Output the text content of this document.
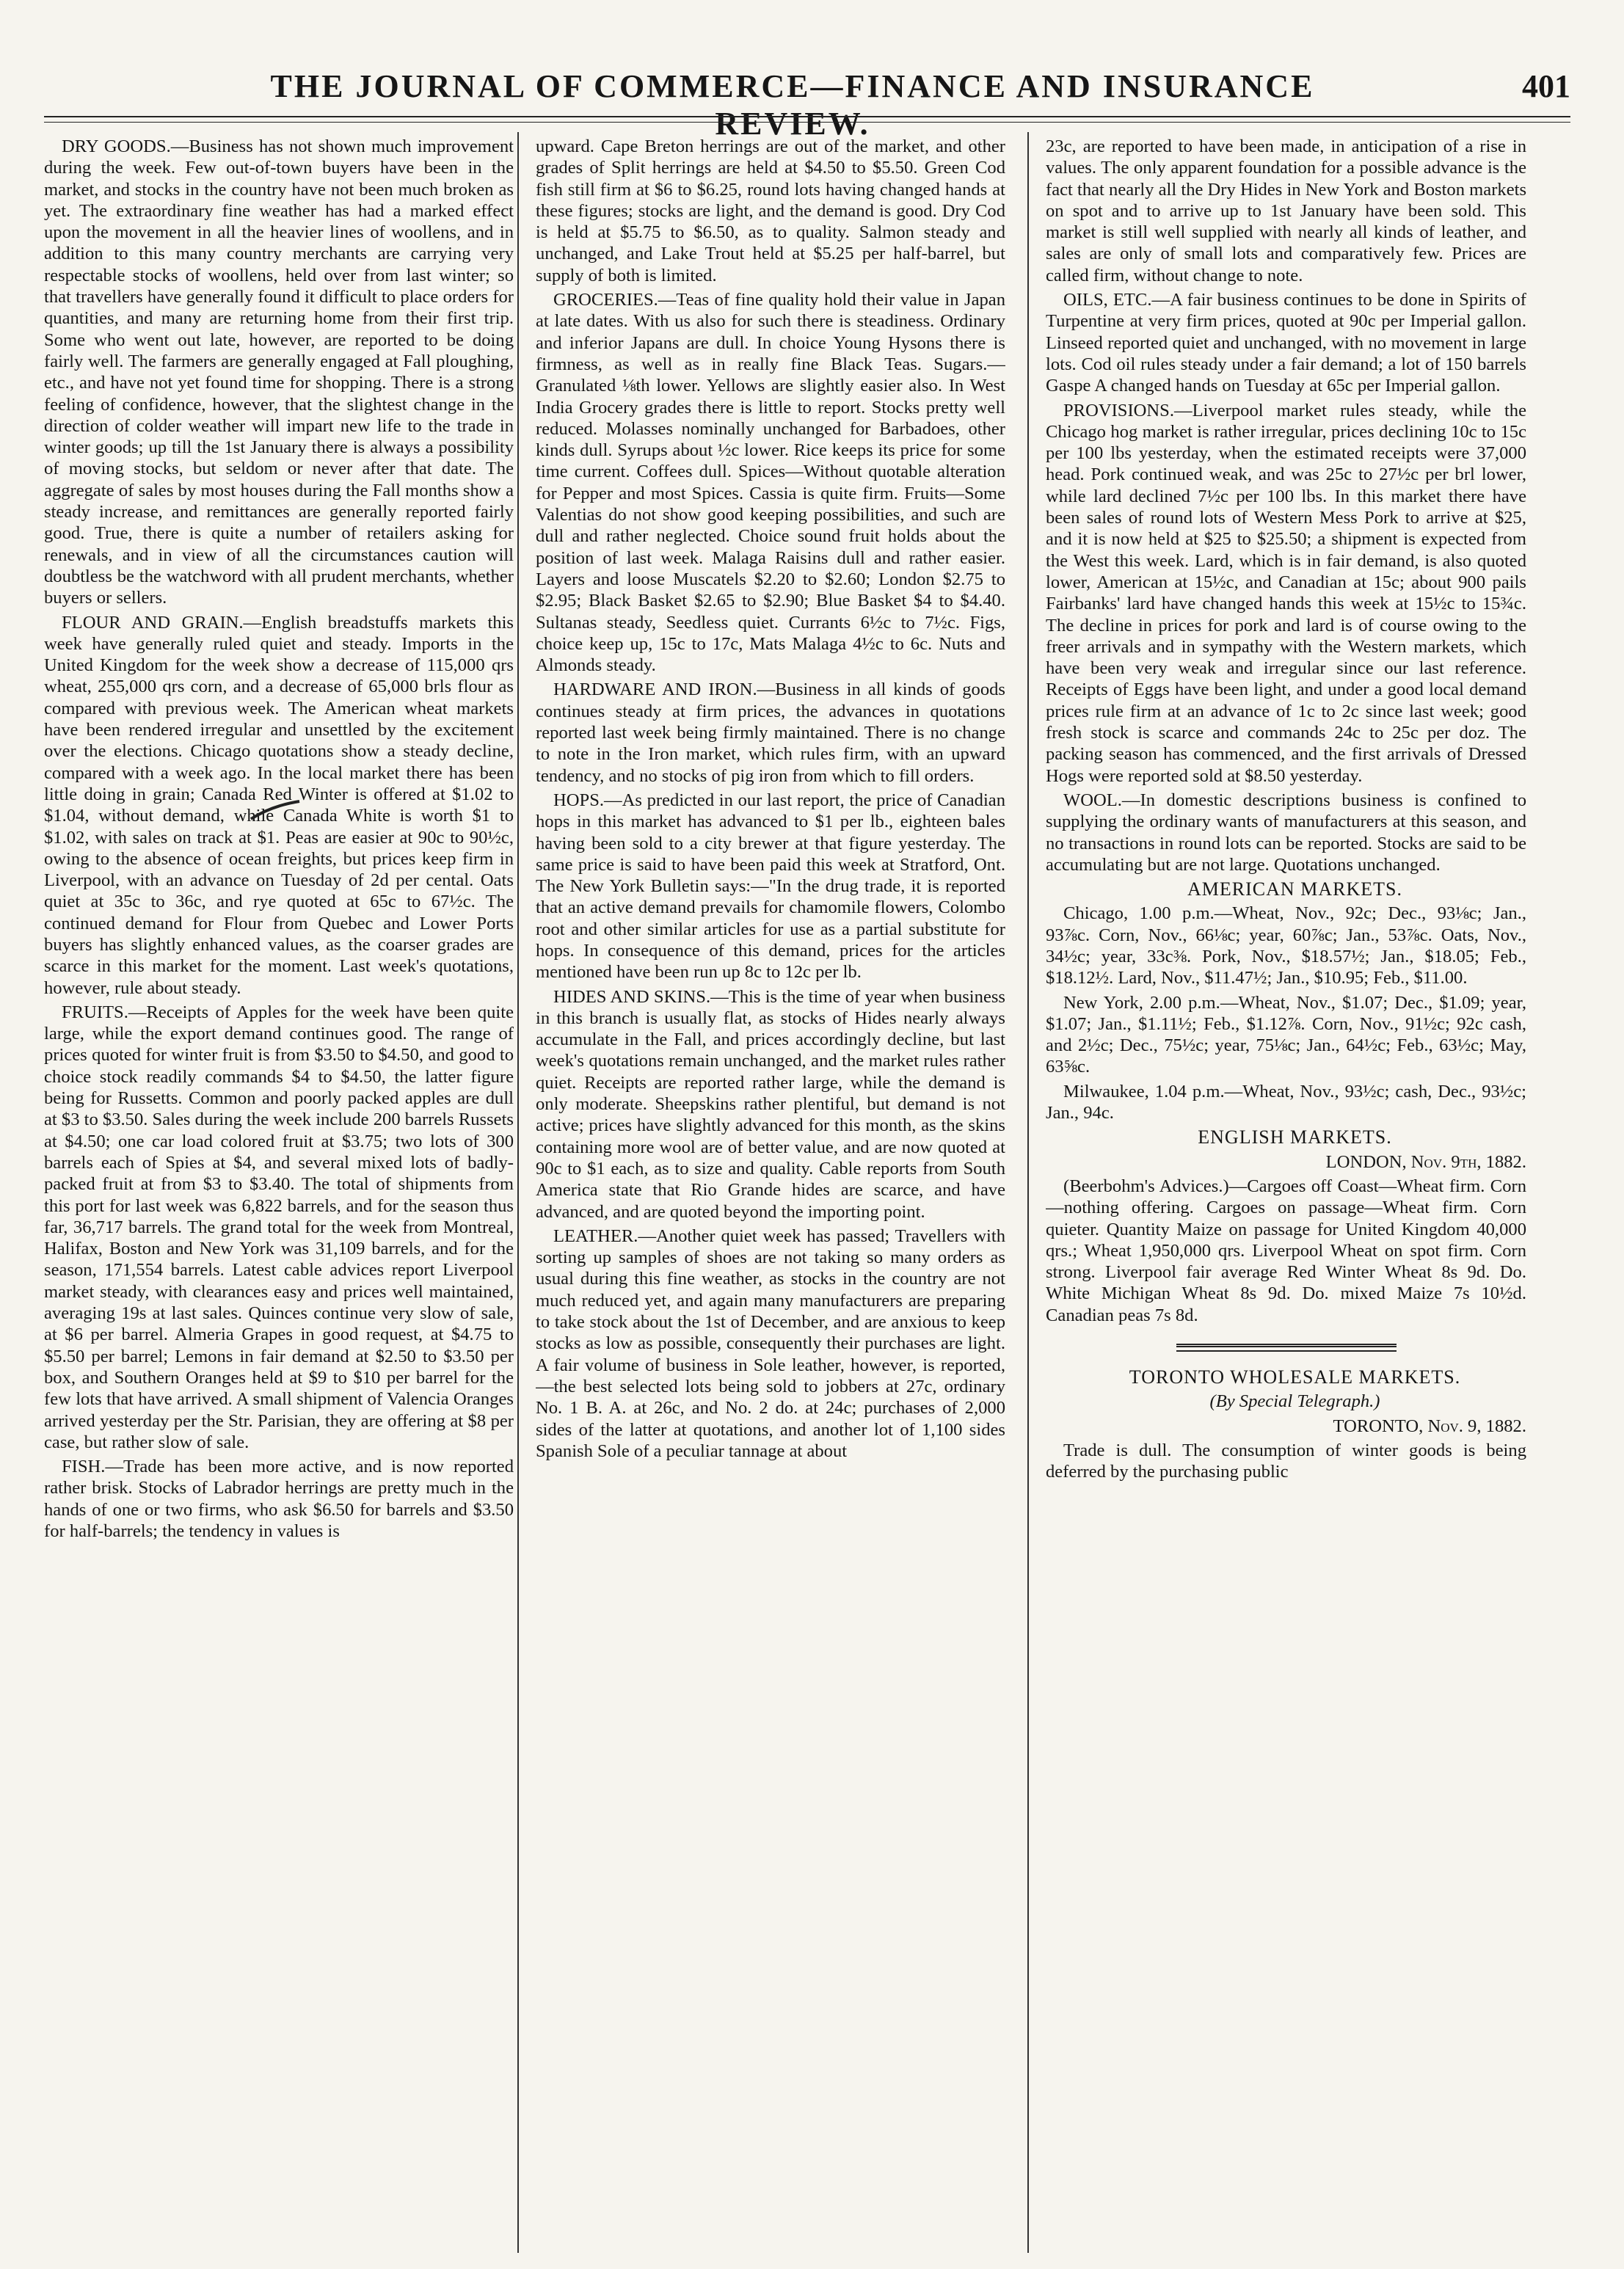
THE JOURNAL OF COMMERCE—FINANCE AND INSURANCE REVIEW.
401

DRY GOODS.—Business has not shown much improvement during the week. Few out-of-town buyers have been in the market, and stocks in the country have not been much broken as yet. The extraordinary fine weather has had a marked effect upon the movement in all the heavier lines of woollens, and in addition to this many country merchants are carrying very respectable stocks of woollens, held over from last winter; so that travellers have generally found it difficult to place orders for quantities, and many are returning home from their first trip. Some who went out late, however, are reported to be doing fairly well. The farmers are generally engaged at Fall ploughing, etc., and have not yet found time for shopping. There is a strong feeling of confidence, however, that the slightest change in the direction of colder weather will impart new life to the trade in winter goods; up till the 1st January there is always a possibility of moving stocks, but seldom or never after that date. The aggregate of sales by most houses during the Fall months show a steady increase, and remittances are generally reported fairly good. True, there is quite a number of retailers asking for renewals, and in view of all the circumstances caution will doubtless be the watchword with all prudent merchants, whether buyers or sellers.

FLOUR AND GRAIN.—English breadstuffs markets this week have generally ruled quiet and steady. Imports in the United Kingdom for the week show a decrease of 115,000 qrs wheat, 255,000 qrs corn, and a decrease of 65,000 brls flour as compared with previous week. The American wheat markets have been rendered irregular and unsettled by the excitement over the elections. Chicago quotations show a steady decline, compared with a week ago. In the local market there has been little doing in grain; Canada Red Winter is offered at $1.02 to $1.04, without demand, while Canada White is worth $1 to $1.02, with sales on track at $1. Peas are easier at 90c to 90½c, owing to the absence of ocean freights, but prices keep firm in Liverpool, with an advance on Tuesday of 2d per cental. Oats quiet at 35c to 36c, and rye quoted at 65c to 67½c. The continued demand for Flour from Quebec and Lower Ports buyers has slightly enhanced values, as the coarser grades are scarce in this market for the moment. Last week's quotations, however, rule about steady.

FRUITS.—Receipts of Apples for the week have been quite large, while the export demand continues good. The range of prices quoted for winter fruit is from $3.50 to $4.50, and good to choice stock readily commands $4 to $4.50, the latter figure being for Russetts. Common and poorly packed apples are dull at $3 to $3.50. Sales during the week include 200 barrels Russets at $4.50; one car load colored fruit at $3.75; two lots of 300 barrels each of Spies at $4, and several mixed lots of badly-packed fruit at from $3 to $3.40. The total of shipments from this port for last week was 6,822 barrels, and for the season thus far, 36,717 barrels. The grand total for the week from Montreal, Halifax, Boston and New York was 31,109 barrels, and for the season, 171,554 barrels. Latest cable advices report Liverpool market steady, with clearances easy and prices well maintained, averaging 19s at last sales. Quinces continue very slow of sale, at $6 per barrel. Almeria Grapes in good request, at $4.75 to $5.50 per barrel; Lemons in fair demand at $2.50 to $3.50 per box, and Southern Oranges held at $9 to $10 per barrel for the few lots that have arrived. A small shipment of Valencia Oranges arrived yesterday per the Str. Parisian, they are offering at $8 per case, but rather slow of sale.

FISH.—Trade has been more active, and is now reported rather brisk. Stocks of Labrador herrings are pretty much in the hands of one or two firms, who ask $6.50 for barrels and $3.50 for half-barrels; the tendency in values is

upward. Cape Breton herrings are out of the market, and other grades of Split herrings are held at $4.50 to $5.50. Green Cod fish still firm at $6 to $6.25, round lots having changed hands at these figures; stocks are light, and the demand is good. Dry Cod is held at $5.75 to $6.50, as to quality. Salmon steady and unchanged, and Lake Trout held at $5.25 per half-barrel, but supply of both is limited.

GROCERIES.—Teas of fine quality hold their value in Japan at late dates. With us also for such there is steadiness. Ordinary and inferior Japans are dull. In choice Young Hysons there is firmness, as well as in really fine Black Teas. Sugars.—Granulated ⅛th lower. Yellows are slightly easier also. In West India Grocery grades there is little to report. Stocks pretty well reduced. Molasses nominally unchanged for Barbadoes, other kinds dull. Syrups about ½c lower. Rice keeps its price for some time current. Coffees dull. Spices—Without quotable alteration for Pepper and most Spices. Cassia is quite firm. Fruits—Some Valentias do not show good keeping possibilities, and such are dull and rather neglected. Choice sound fruit holds about the position of last week. Malaga Raisins dull and rather easier. Layers and loose Muscatels $2.20 to $2.60; London $2.75 to $2.95; Black Basket $2.65 to $2.90; Blue Basket $4 to $4.40. Sultanas steady, Seedless quiet. Currants 6½c to 7½c. Figs, choice keep up, 15c to 17c, Mats Malaga 4½c to 6c. Nuts and Almonds steady.

HARDWARE AND IRON.—Business in all kinds of goods continues steady at firm prices, the advances in quotations reported last week being firmly maintained. There is no change to note in the Iron market, which rules firm, with an upward tendency, and no stocks of pig iron from which to fill orders.

HOPS.—As predicted in our last report, the price of Canadian hops in this market has advanced to $1 per lb., eighteen bales having been sold to a city brewer at that figure yesterday. The same price is said to have been paid this week at Stratford, Ont. The New York Bulletin says:—"In the drug trade, it is reported that an active demand prevails for chamomile flowers, Colombo root and other similar articles for use as a partial substitute for hops. In consequence of this demand, prices for the articles mentioned have been run up 8c to 12c per lb.

HIDES AND SKINS.—This is the time of year when business in this branch is usually flat, as stocks of Hides nearly always accumulate in the Fall, and prices accordingly decline, but last week's quotations remain unchanged, and the market rules rather quiet. Receipts are reported rather large, while the demand is only moderate. Sheepskins rather plentiful, but demand is not active; prices have slightly advanced for this month, as the skins containing more wool are of better value, and are now quoted at 90c to $1 each, as to size and quality. Cable reports from South America state that Rio Grande hides are scarce, and have advanced, and are quoted beyond the importing point.

LEATHER.—Another quiet week has passed; Travellers with sorting up samples of shoes are not taking so many orders as usual during this fine weather, as stocks in the country are not much reduced yet, and again many manufacturers are preparing to take stock about the 1st of December, and are anxious to keep stocks as low as possible, consequently their purchases are light. A fair volume of business in Sole leather, however, is reported,—the best selected lots being sold to jobbers at 27c, ordinary No. 1 B. A. at 26c, and No. 2 do. at 24c; purchases of 2,000 sides of the latter at quotations, and another lot of 1,100 sides Spanish Sole of a peculiar tannage at about

23c, are reported to have been made, in anticipation of a rise in values. The only apparent foundation for a possible advance is the fact that nearly all the Dry Hides in New York and Boston markets on spot and to arrive up to 1st January have been sold. This market is still well supplied with nearly all kinds of leather, and sales are only of small lots and comparatively few. Prices are called firm, without change to note.

OILS, ETC.—A fair business continues to be done in Spirits of Turpentine at very firm prices, quoted at 90c per Imperial gallon. Linseed reported quiet and unchanged, with no movement in large lots. Cod oil rules steady under a fair demand; a lot of 150 barrels Gaspe A changed hands on Tuesday at 65c per Imperial gallon.

PROVISIONS.—Liverpool market rules steady, while the Chicago hog market is rather irregular, prices declining 10c to 15c per 100 lbs yesterday, when the estimated receipts were 37,000 head. Pork continued weak, and was 25c to 27½c per brl lower, while lard declined 7½c per 100 lbs. In this market there have been sales of round lots of Western Mess Pork to arrive at $25, and it is now held at $25 to $25.50; a shipment is expected from the West this week. Lard, which is in fair demand, is also quoted lower, American at 15½c, and Canadian at 15c; about 900 pails Fairbanks' lard have changed hands this week at 15½c to 15¾c. The decline in prices for pork and lard is of course owing to the freer arrivals and in sympathy with the Western markets, which have been very weak and irregular since our last reference. Receipts of Eggs have been light, and under a good local demand prices rule firm at an advance of 1c to 2c since last week; good fresh stock is scarce and commands 24c to 25c per doz. The packing season has commenced, and the first arrivals of Dressed Hogs were reported sold at $8.50 yesterday.

WOOL.—In domestic descriptions business is confined to supplying the ordinary wants of manufacturers at this season, and no transactions in round lots can be reported. Stocks are said to be accumulating but are not large. Quotations unchanged.

AMERICAN MARKETS.

Chicago, 1.00 p.m.—Wheat, Nov., 92c; Dec., 93⅛c; Jan., 93⅞c. Corn, Nov., 66⅛c; year, 60⅞c; Jan., 53⅞c. Oats, Nov., 34½c; year, 33c⅜. Pork, Nov., $18.57½; Jan., $18.05; Feb., $18.12½. Lard, Nov., $11.47½; Jan., $10.95; Feb., $11.00.

New York, 2.00 p.m.—Wheat, Nov., $1.07; Dec., $1.09; year, $1.07; Jan., $1.11½; Feb., $1.12⅞. Corn, Nov., 91½c; 92c cash, and 2½c; Dec., 75½c; year, 75⅛c; Jan., 64½c; Feb., 63½c; May, 63⅝c.

Milwaukee, 1.04 p.m.—Wheat, Nov., 93½c; cash, Dec., 93½c; Jan., 94c.

ENGLISH MARKETS.

LONDON, Nov. 9th, 1882.

(Beerbohm's Advices.)—Cargoes off Coast—Wheat firm. Corn—nothing offering. Cargoes on passage—Wheat firm. Corn quieter. Quantity Maize on passage for United Kingdom 40,000 qrs.; Wheat 1,950,000 qrs. Liverpool Wheat on spot firm. Corn strong. Liverpool fair average Red Winter Wheat 8s 9d. Do. White Michigan Wheat 8s 9d. Do. mixed Maize 7s 10½d. Canadian peas 7s 8d.

TORONTO WHOLESALE MARKETS.

(By Special Telegraph.)

TORONTO, Nov. 9, 1882.

Trade is dull. The consumption of winter goods is being deferred by the purchasing public
